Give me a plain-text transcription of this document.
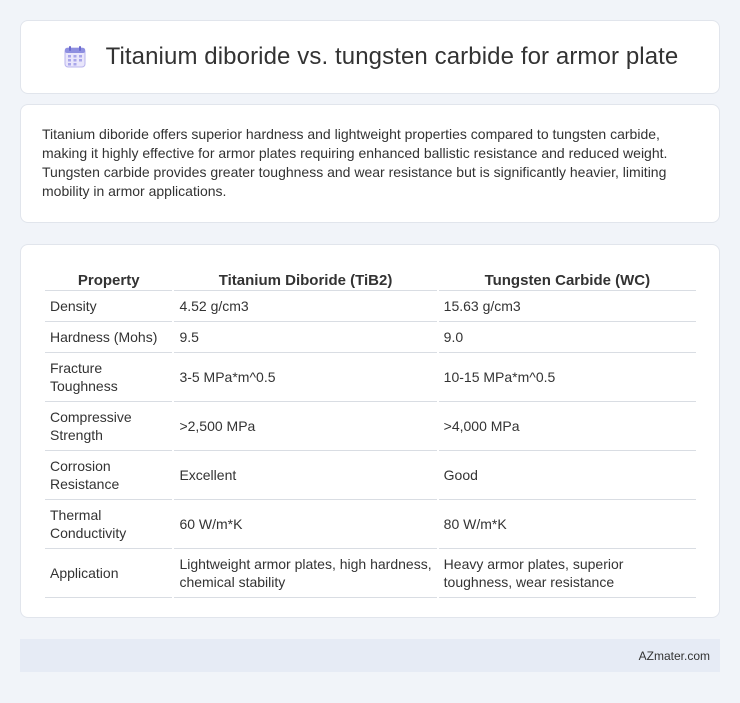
Titanium diboride vs. tungsten carbide for armor plate

Titanium diboride offers superior hardness and lightweight properties compared to tungsten carbide, making it highly effective for armor plates requiring enhanced ballistic resistance and reduced weight. Tungsten carbide provides greater toughness and wear resistance but is significantly heavier, limiting mobility in armor applications.

Property	Titanium Diboride (TiB2)	Tungsten Carbide (WC)
Density	4.52 g/cm3	15.63 g/cm3
Hardness (Mohs)	9.5	9.0
Fracture Toughness	3-5 MPa*m^0.5	10-15 MPa*m^0.5
Compressive Strength	>2,500 MPa	>4,000 MPa
Corrosion Resistance	Excellent	Good
Thermal Conductivity	60 W/m*K	80 W/m*K
Application	Lightweight armor plates, high hardness, chemical stability	Heavy armor plates, superior toughness, wear resistance
AZmater.com
